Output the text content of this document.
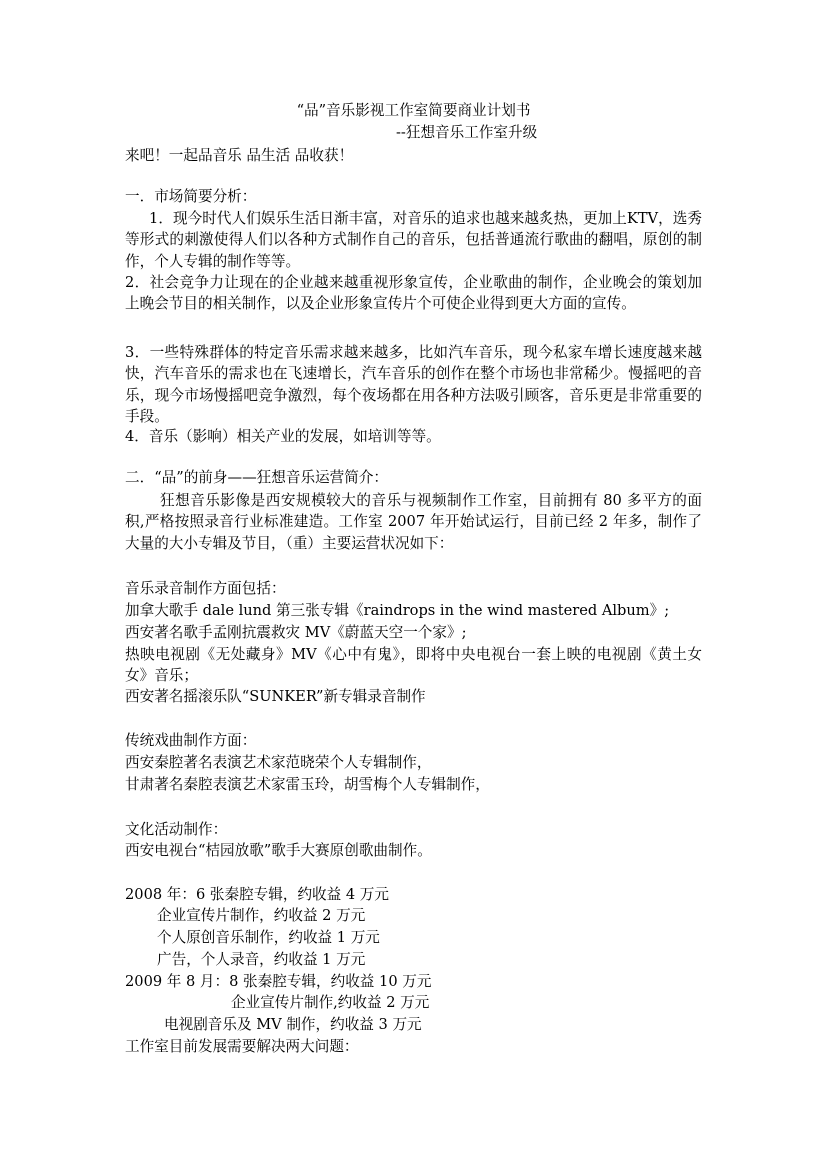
“品”音乐影视工作室简要商业计划书
--狂想音乐工作室升级
来吧！一起品音乐 品生活 品收获！
一．市场简要分析：
1．现今时代人们娱乐生活日渐丰富，对音乐的追求也越来越炙热，更加上KTV，选秀等形式的刺激使得人们以各种方式制作自己的音乐，包括普通流行歌曲的翻唱，原创的制作，个人专辑的制作等等。
2．社会竞争力让现在的企业越来越重视形象宣传，企业歌曲的制作，企业晚会的策划加上晚会节目的相关制作，以及企业形象宣传片个可使企业得到更大方面的宣传。
3．一些特殊群体的特定音乐需求越来越多，比如汽车音乐，现今私家车增长速度越来越快，汽车音乐的需求也在飞速增长，汽车音乐的创作在整个市场也非常稀少。慢摇吧的音乐，现今市场慢摇吧竞争激烈，每个夜场都在用各种方法吸引顾客，音乐更是非常重要的手段。
4．音乐（影响）相关产业的发展，如培训等等。
二．“品”的前身——狂想音乐运营简介：
狂想音乐影像是西安规模较大的音乐与视频制作工作室，目前拥有 80 多平方的面积,严格按照录音行业标准建造。工作室 2007 年开始试运行，目前已经 2 年多，制作了大量的大小专辑及节目，（重）主要运营状况如下：
音乐录音制作方面包括：
加拿大歌手 dale lund 第三张专辑《raindrops in the wind mastered Album》;
西安著名歌手孟刚抗震救灾 MV《蔚蓝天空一个家》;
热映电视剧《无处藏身》MV《心中有鬼》，即将中央电视台一套上映的电视剧《黄土女女》音乐；
西安著名摇滚乐队“SUNKER”新专辑录音制作
传统戏曲制作方面：
西安秦腔著名表演艺术家范晓荣个人专辑制作，
甘肃著名秦腔表演艺术家雷玉玲，胡雪梅个人专辑制作，
文化活动制作：
西安电视台“桔园放歌”歌手大赛原创歌曲制作。
2008 年：6 张秦腔专辑，约收益 4 万元
企业宣传片制作，约收益 2 万元
个人原创音乐制作，约收益 1 万元
广告，个人录音，约收益 1 万元
2009 年 8 月：8 张秦腔专辑，约收益 10 万元
企业宣传片制作,约收益 2 万元
电视剧音乐及 MV 制作，约收益 3 万元
工作室目前发展需要解决两大问题：
